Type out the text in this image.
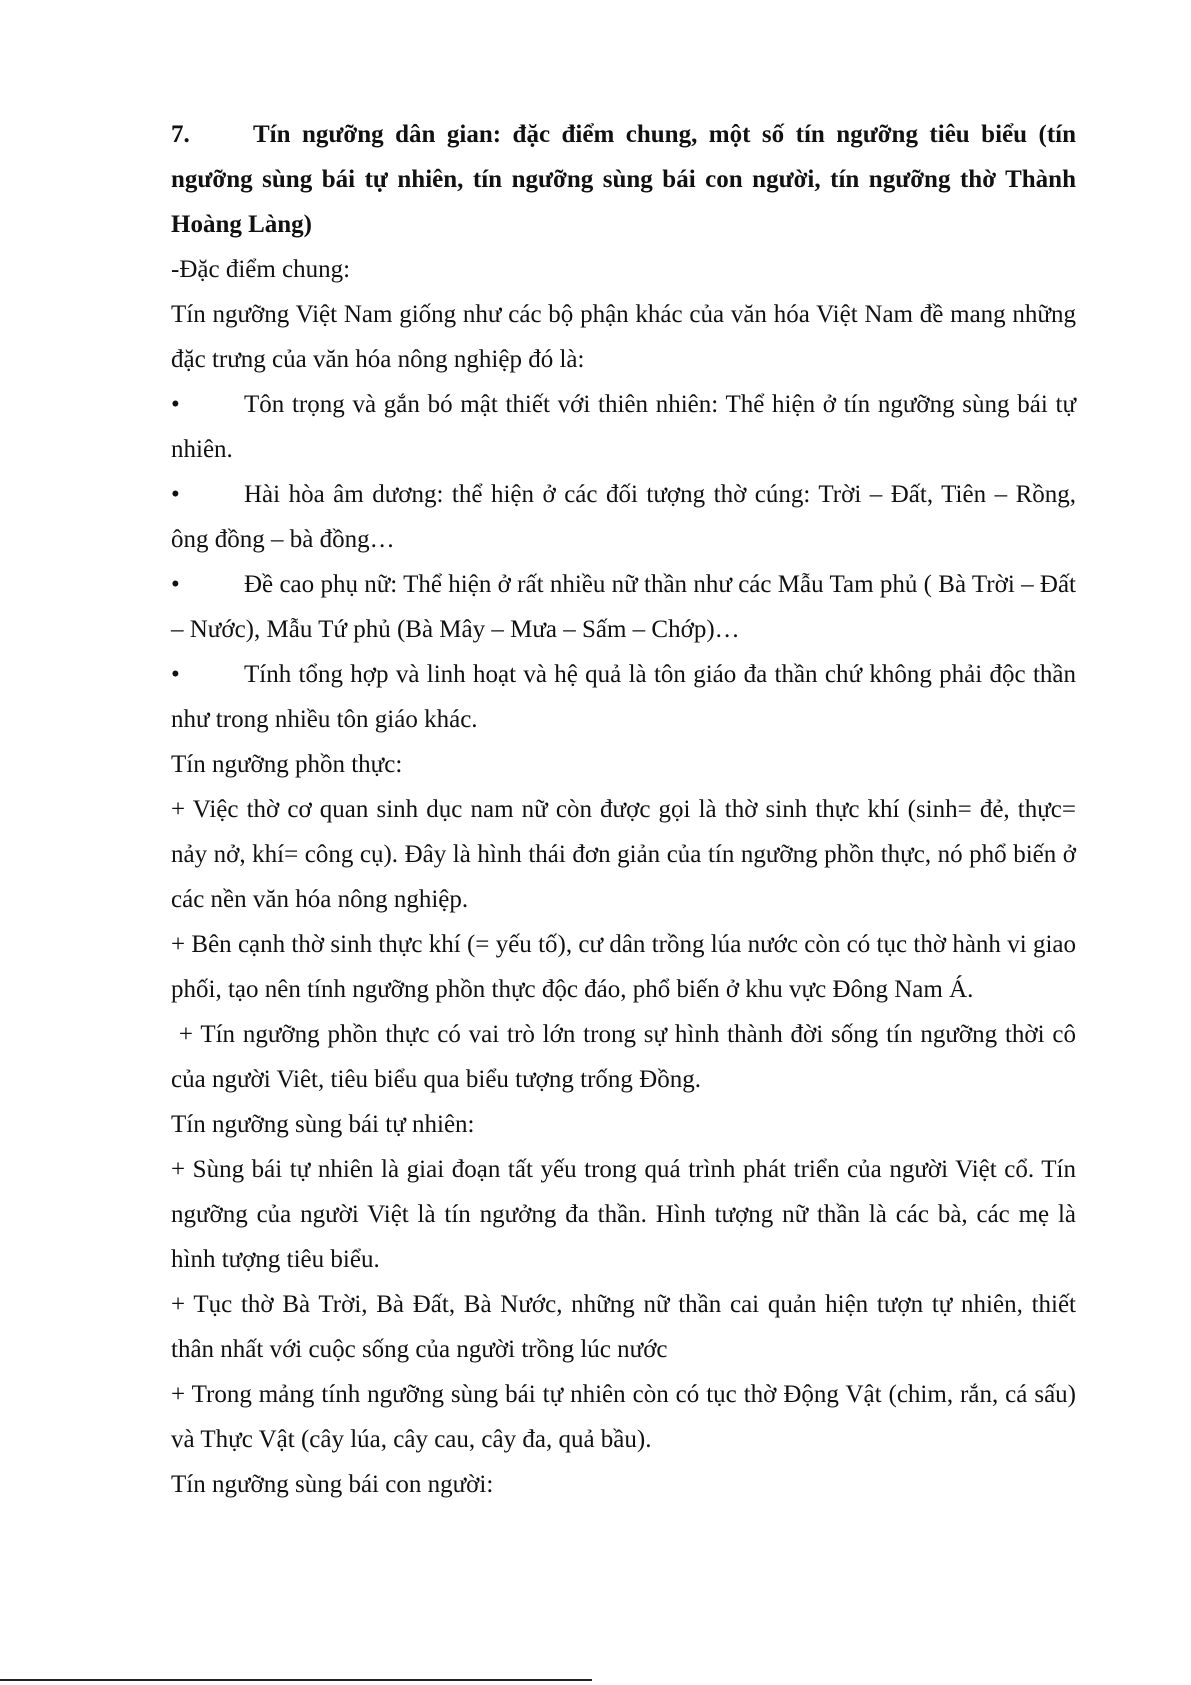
7.	Tín ngưỡng dân gian: đặc điểm chung, một số tín ngưỡng tiêu biểu (tín ngưỡng sùng bái tự nhiên, tín ngưỡng sùng bái con người, tín ngưỡng thờ Thành Hoàng Làng)

-Đặc điểm chung:

Tín ngưỡng Việt Nam giống như các bộ phận khác của văn hóa Việt Nam đề mang những đặc trưng của văn hóa nông nghiệp đó là:

•	Tôn trọng và gắn bó mật thiết với thiên nhiên: Thể hiện ở tín ngưỡng sùng bái tự nhiên.

•	Hài hòa âm dương: thể hiện ở các đối tượng thờ cúng: Trời – Đất, Tiên – Rồng, ông đồng – bà đồng…

•	Đề cao phụ nữ: Thể hiện ở rất nhiều nữ thần như các Mẫu Tam phủ ( Bà Trời – Đất – Nước), Mẫu Tứ phủ (Bà Mây – Mưa – Sấm – Chớp)…

•	Tính tổng hợp và linh hoạt và hệ quả là tôn giáo đa thần chứ không phải độc thần như trong nhiều tôn giáo khác.

Tín ngưỡng phồn thực:

+ Việc thờ cơ quan sinh dục nam nữ còn được gọi là thờ sinh thực khí (sinh= đẻ, thực= nảy nở, khí= công cụ). Đây là hình thái đơn giản của tín ngưỡng phồn thực, nó phổ biến ở các nền văn hóa nông nghiệp.

+ Bên cạnh thờ sinh thực khí (= yếu tố), cư dân trồng lúa nước còn có tục thờ hành vi giao phối, tạo nên tính ngưỡng phồn thực độc đáo, phổ biến ở khu vực Đông Nam Á.

+ Tín ngưỡng phồn thực có vai trò lớn trong sự hình thành đời sống tín ngưỡng thời cô của người Viêt, tiêu biểu qua biểu tượng trống Đồng.

Tín ngưỡng sùng bái tự nhiên:

+ Sùng bái tự nhiên là giai đoạn tất yếu trong quá trình phát triển của người Việt cổ. Tín ngưỡng của người Việt là tín ngưởng đa thần. Hình tượng nữ thần là các bà, các mẹ là hình tượng tiêu biểu.

+ Tục thờ Bà Trời, Bà Đất, Bà Nước, những nữ thần cai quản hiện tượn tự nhiên, thiết thân nhất với cuộc sống của người trồng lúc nước

+ Trong mảng tính ngưỡng sùng bái tự nhiên còn có tục thờ Động Vật (chim, rắn, cá sấu) và Thực Vật (cây lúa, cây cau, cây đa, quả bầu).

Tín ngưỡng sùng bái con người:
